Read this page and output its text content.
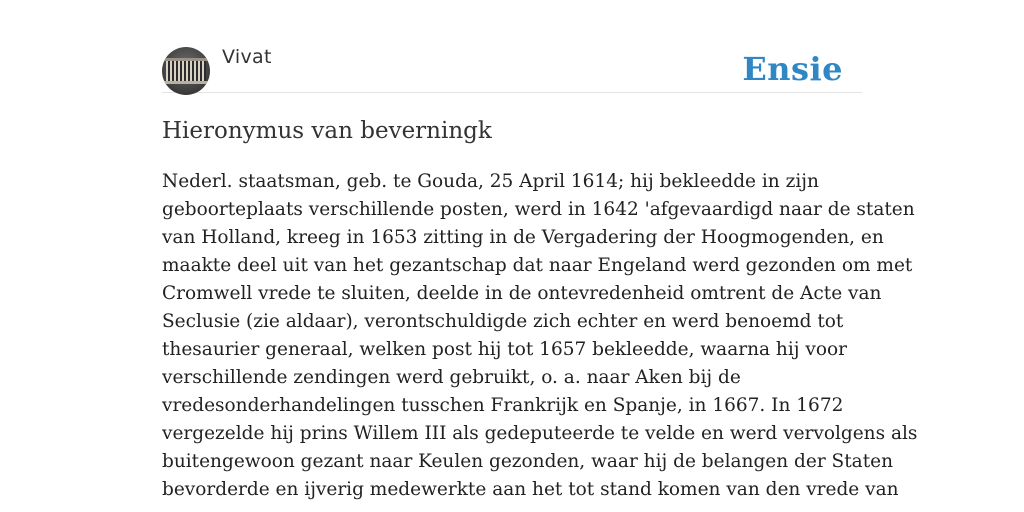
Vivat	Ensie
Hieronymus van beverningk
Nederl. staatsman, geb. te Gouda, 25 April 1614; hij bekleedde in zijn
geboorteplaats verschillende posten, werd in 1642 'afgevaardigd naar de staten
van Holland, kreeg in 1653 zitting in de Vergadering der Hoogmogenden, en
maakte deel uit van het gezantschap dat naar Engeland werd gezonden om met
Cromwell vrede te sluiten, deelde in de ontevredenheid omtrent de Acte van
Seclusie (zie aldaar), verontschuldigde zich echter en werd benoemd tot
thesaurier generaal, welken post hij tot 1657 bekleedde, waarna hij voor
verschillende zendingen werd gebruikt, o. a. naar Aken bij de
vredesonderhandelingen tusschen Frankrijk en Spanje, in 1667. In 1672
vergezelde hij prins Willem III als gedeputeerde te velde en werd vervolgens als
buitengewoon gezant naar Keulen gezonden, waar hij de belangen der Staten
bevorderde en ijverig medewerkte aan het tot stand komen van den vrede van
